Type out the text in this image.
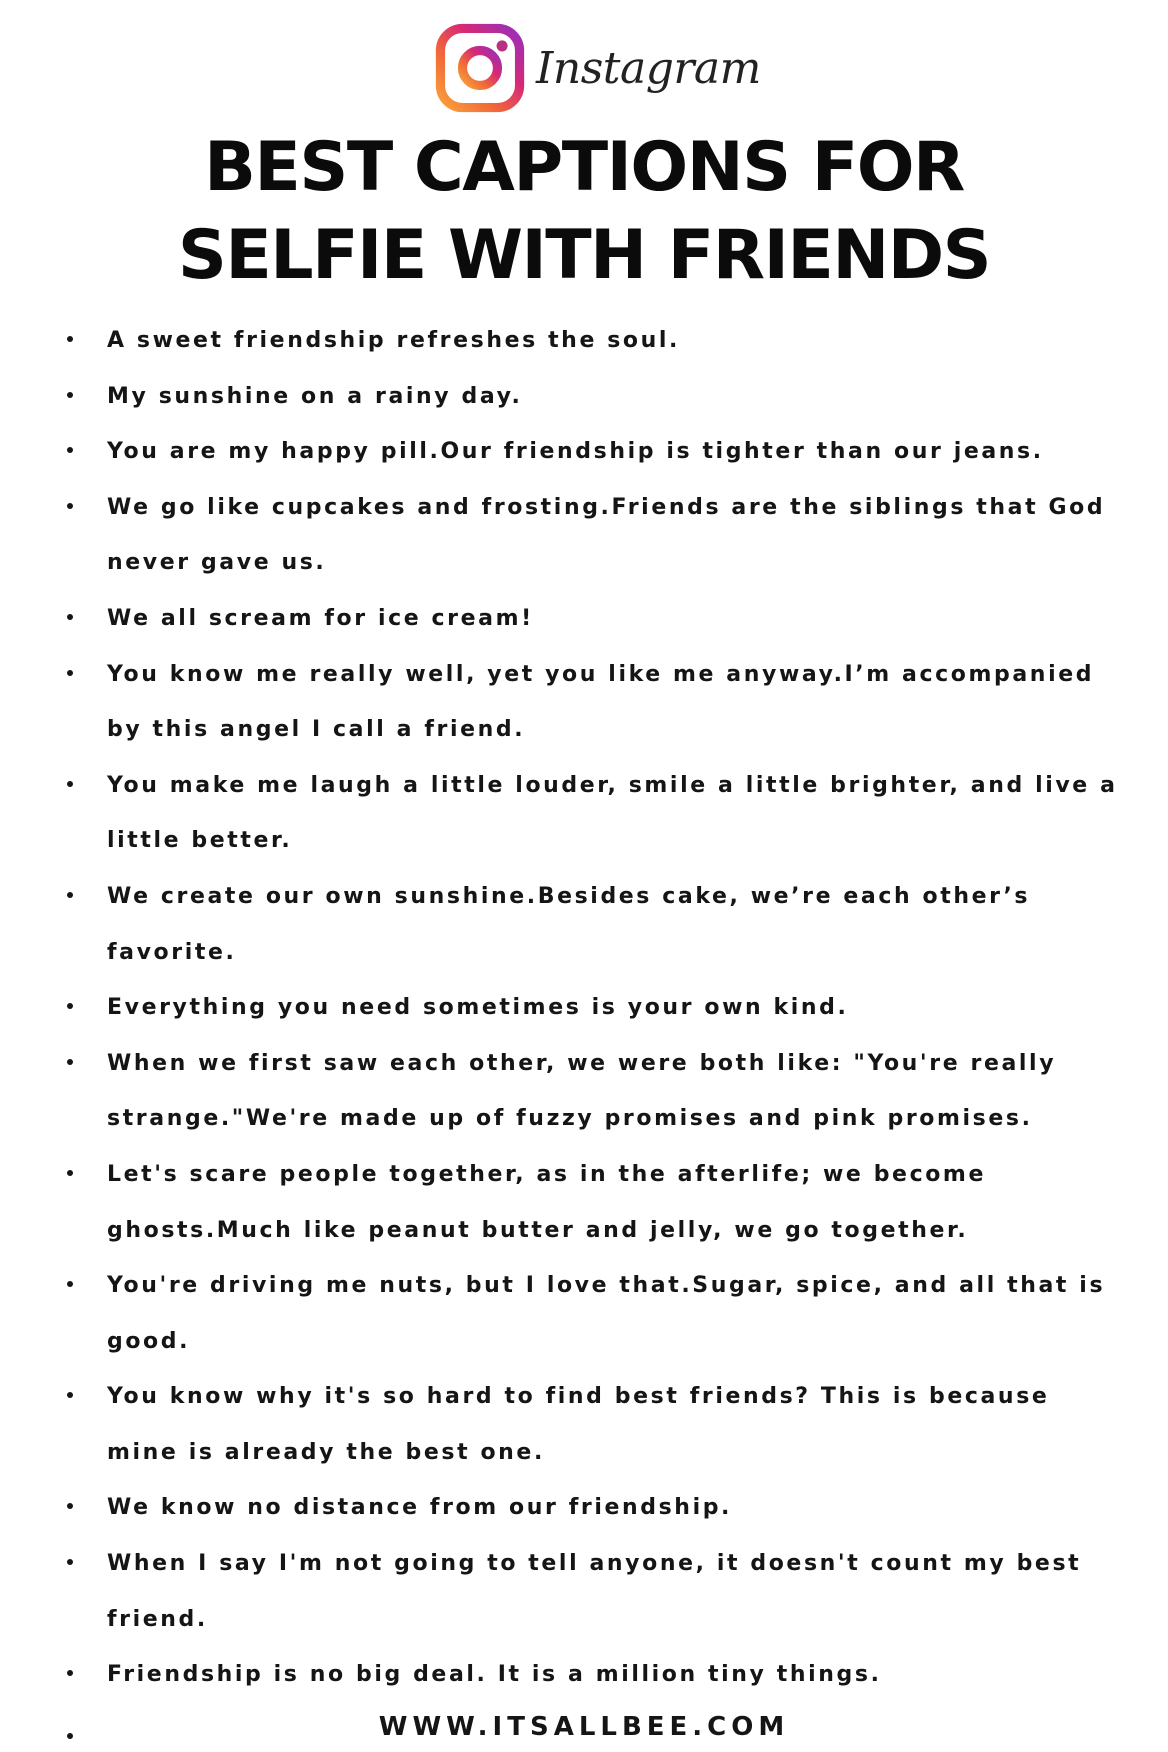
Instagram
BEST CAPTIONS FOR
SELFIE WITH FRIENDS
A sweet friendship refreshes the soul.
My sunshine on a rainy day.
You are my happy pill.Our friendship is tighter than our jeans.
We go like cupcakes and frosting.Friends are the siblings that God never gave us.
We all scream for ice cream!
You know me really well, yet you like me anyway.I’m accompanied by this angel I call a friend.
You make me laugh a little louder, smile a little brighter, and live a little better.
We create our own sunshine.Besides cake, we’re each other’s favorite.
Everything you need sometimes is your own kind.
When we first saw each other, we were both like: "You're really strange."We're made up of fuzzy promises and pink promises.
Let's scare people together, as in the afterlife; we become ghosts.Much like peanut butter and jelly, we go together.
You're driving me nuts, but I love that.Sugar, spice, and all that is good.
You know why it's so hard to find best friends? This is because mine is already the best one.
We know no distance from our friendship.
When I say I'm not going to tell anyone, it doesn't count my best friend.
Friendship is no big deal. It is a million tiny things.
WWW.ITSALLBEE.COM
